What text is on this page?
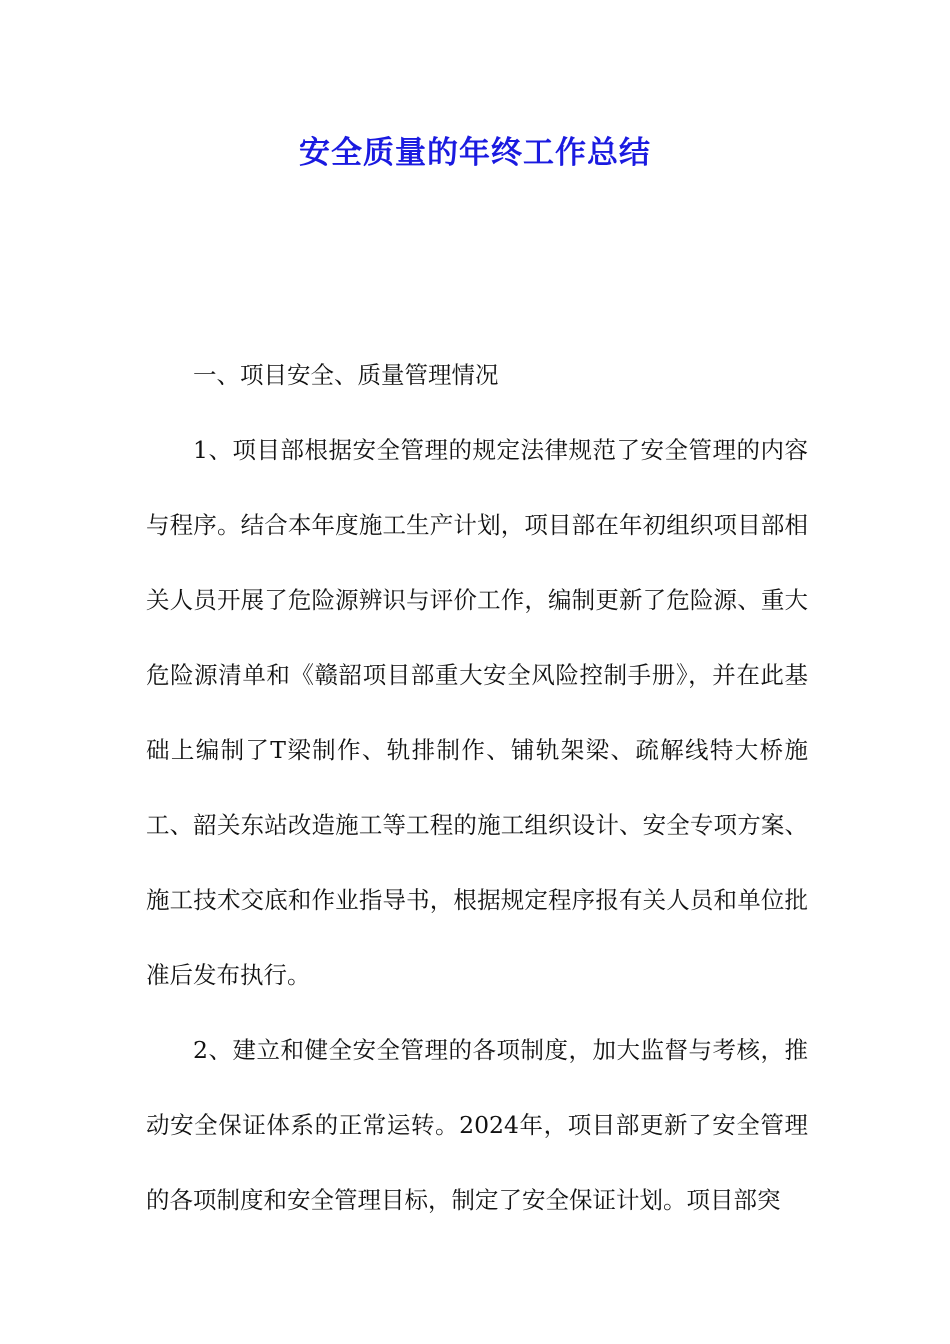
安全质量的年终工作总结

一、项目安全、质量管理情况

1、项目部根据安全管理的规定法律规范了安全管理的内容与程序。结合本年度施工生产计划，项目部在年初组织项目部相关人员开展了危险源辨识与评价工作，编制更新了危险源、重大危险源清单和《赣韶项目部重大安全风险控制手册》，并在此基础上编制了T梁制作、轨排制作、铺轨架梁、疏解线特大桥施工、韶关东站改造施工等工程的施工组织设计、安全专项方案、施工技术交底和作业指导书，根据规定程序报有关人员和单位批准后发布执行。

2、建立和健全安全管理的各项制度，加大监督与考核，推动安全保证体系的正常运转。2024年，项目部更新了安全管理的各项制度和安全管理目标，制定了安全保证计划。项目部突
